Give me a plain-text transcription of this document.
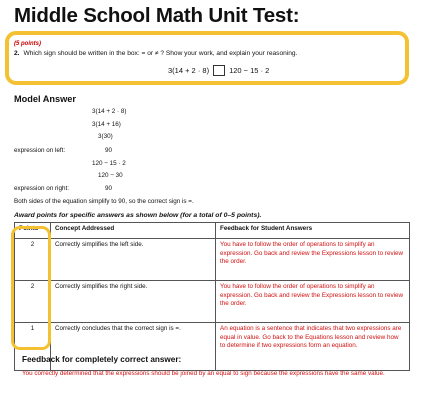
Middle School Math Unit Test:
(5 points)
2. Which sign should be written in the box: = or ≠ ? Show your work, and explain your reasoning.
3(14 + 2 · 8)	120 − 15 · 2
Model Answer
3(14 + 2 · 8)
3(14 + 16)
3(30)
expression on left:	90
120 − 15 · 2
120 − 30
expression on right:	90
Both sides of the equation simplify to 90, so the correct sign is =.
Award points for specific answers as shown below (for a total of 0–5 points).
Points	Concept Addressed	Feedback for Student Answers
2	Correctly simplifies the left side.	You have to follow the order of operations to simplify an expression. Go back and review the Expressions lesson to review the order.
2	Correctly simplifies the right side.	You have to follow the order of operations to simplify an expression. Go back and review the Expressions lesson to review the order.
1	Correctly concludes that the correct sign is =.	An equation is a sentence that indicates that two expressions are equal in value. Go back to the Equations lesson and review how to determine if two expressions form an equation.
Feedback for completely correct answer:
You correctly determined that the expressions should be joined by an equal to sign because the expressions have the same value.
